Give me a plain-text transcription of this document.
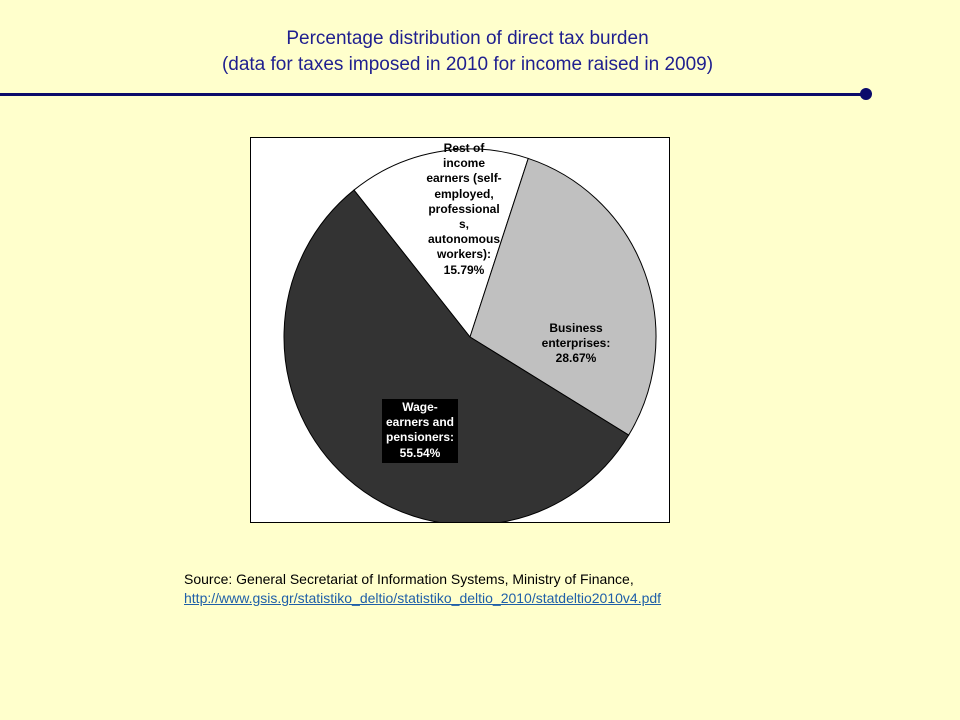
Percentage distribution of direct tax burden
(data for taxes imposed in 2010 for income raised in 2009)
Rest of
income
earners (self-
employed,
professional
s,
autonomous
workers):
15.79%
Business
enterprises:
28.67%
Wage-
earners and
pensioners:
55.54%
Source: General Secretariat of Information Systems, Ministry of Finance,
http://www.gsis.gr/statistiko_deltio/statistiko_deltio_2010/statdeltio2010v4.pdf
